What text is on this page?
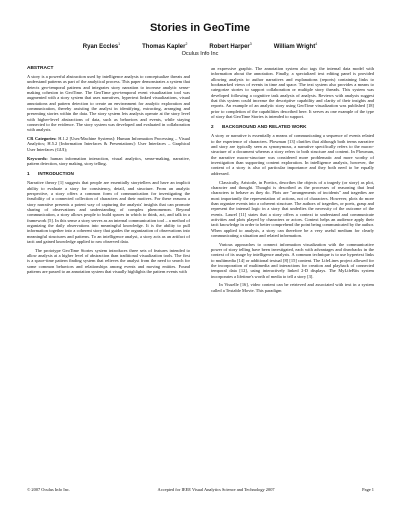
Stories in GeoTime
Ryan Eccles$^1$	Thomas Kapler$^2$	Robert Harper$^3$	William Wright$^4$
Oculus Info Inc
ABSTRACT

A story is a powerful abstraction used by intelligence analysts to conceptualize threats and understand patterns as part of the analytical process. This paper demonstrates a system that detects geo-temporal patterns and integrates story narration to increase analytic sense-making cohesion in GeoTime. The GeoTime geo-temporal event visualization tool was augmented with a story system that uses narratives, hypertext linked visualizations, visual annotations and pattern detection to create an environment for analytic exploration and communication, thereby assisting the analyst in identifying, extracting, arranging and presenting stories within the data. The story system lets analysts operate at the story level with higher-level abstractions of data, such as behaviors and events, while staying connected to the evidence. The story system was developed and evaluated in collaboration with analysts.

CR Categories: H.1.2 [User/Machine Systems]: Human Information Processing – Visual Analytics; H.5.2 [Information Interfaces & Presentations]: User Interfaces – Graphical User Interfaces (GUI);

Keywords: human information interaction, visual analytics, sense-making, narrative, pattern detection, story making, story telling.

1 INTRODUCTION

Narrative theory [1] suggests that people are essentially storytellers and have an implicit ability to evaluate a story for consistency, detail, and structure. From an analytic perspective, a story offers a common form of communication for investigating the feasibility of a connected collection of characters and their motives. For these reasons a story narrative presents a potent way of capturing the analysts' insights that can promote sharing of observations and understanding of complex phenomenon. Beyond communication, a story allows people to build spaces in which to think, act, and talk in a framework [5]. In this sense a story serves as an internal communication tool – a method of organizing the daily observations into meaningful knowledge. It is the ability to pull information together into a coherent story that guides the organization of observations into meaningful structures and patterns. To an intelligence analyst, a story acts as an artifact of tacit and gained knowledge applied to raw observed data.

The prototype GeoTime Stories system introduces three sets of features intended to allow analysis at a higher level of abstraction than traditional visualization tools. The first is a space-time pattern finding system that relieves the analyst from the need to search for some common behaviors and relationships among events and moving entities. Found patterns are passed to an annotation system that visually highlights the pattern events with

an expressive graphic. The annotation system also tags the internal data model with information about the annotation. Finally, a specialized text editing panel is provided allowing analysts to author narratives and explanations (reports) containing links to bookmarked views of events in time and space. The text system also provides a means to categorize stories to support collaboration or multiple story threads. This system was developed following a cognitive task analysis of analysts. Reviews with analysts suggest that this system could increase the descriptive capability and clarity of their insights and reports. An example of an analytic story using GeoTime visualization was published [18] prior to completion of the capabilities described here. It serves as one example of the type of story that GeoTime Stories is intended to support.

2 BACKGROUND AND RELATED WORK

A story or narrative is essentially a means of communicating a sequence of events related to the experience of characters. Plowman [13] clarifies that although both terms narrative and story are typically seen as synonymous, a narrative specifically refers to the macro-structure of a document whereas a story refers to both structure and content. In Plowman, the narrative macro-structure was considered more problematic and more worthy of investigation than supporting content exploration. In intelligence analysis, however, the content of a story is also of particular importance and they both need to be equally addressed.

Classically, Aristotle, in Poetics, describes the objects of a tragedy (or story) as plot, character and thought. Thought is described as the processes of reasoning that lead characters to behave as they do. Plots are "arrangements of incidents" and tragedies are most importantly the representation of actions, not of characters. However, plots do more than organize events into a coherent structure. The authors of tragedies, or poets, grasp and represent the internal logic in a story that underlies the necessity of the outcome of the events. Laurel [11] states that a story offers a context to understand and communicate activities and plots played by characters or actors. Context helps an audience apply their tacit knowledge in order to better comprehend the point being communicated by the author. When applied to analysis, a story can therefore be a very useful medium for clearly communicating a situation and related information.

Various approaches to connect information visualization with the communicative power of story telling have been investigated, each with advantages and drawbacks in the context of its usage by intelligence analysts. A common technique is to use hypertext links to multimedia [14] or additional textual [8] [15] content. The LifeLines project allowed for the incorporation of multimedia and interactions for creation and playback of connected temporal data [12], using interactively linked 2-D displays. The MyLifeBits system incorporates a lifetime's worth of media to tell a story [3].

In Visuelle [16], video content can be retrieved and associated with text in a system called a Textable Movie. This paradigm

© 2007 Oculus Info Inc.	Accepted for IEEE Visual Analytics Science and Technology 2007	Page 1
